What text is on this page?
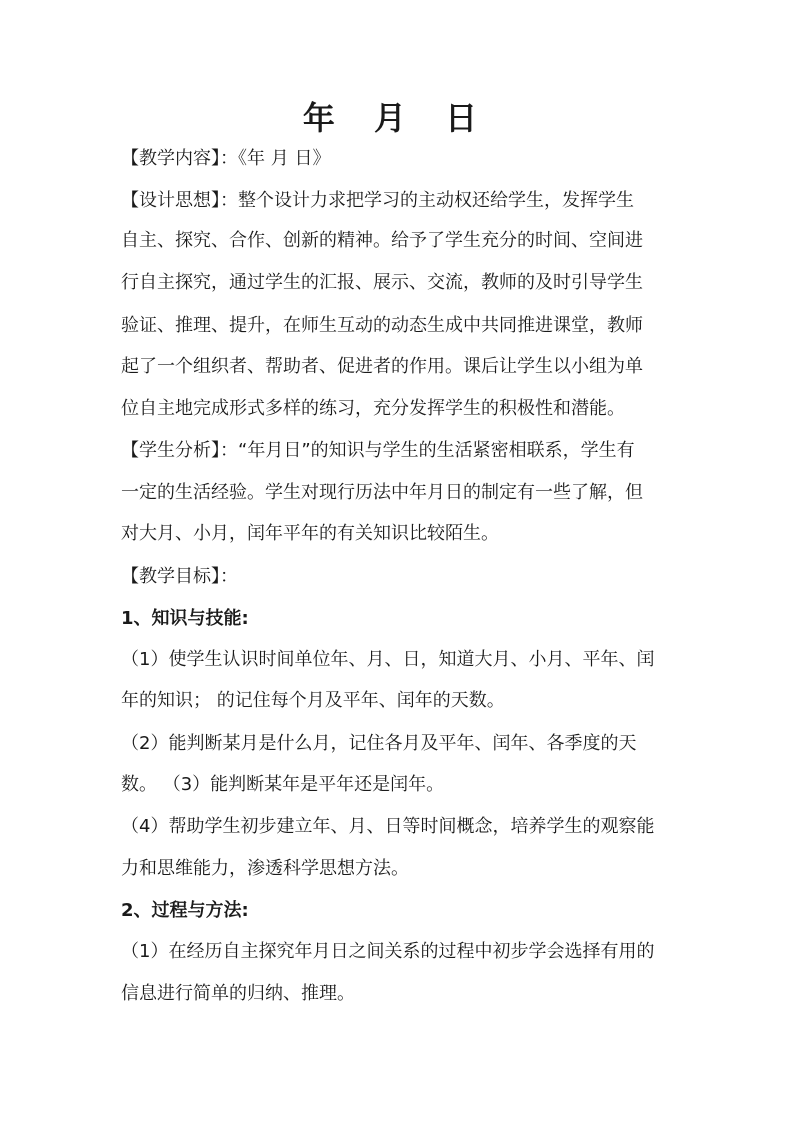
年 月 日

【教学内容】：《年 月 日》

【设计思想】：整个设计力求把学习的主动权还给学生，发挥学生

自主、探究、合作、创新的精神。给予了学生充分的时间、空间进

行自主探究，通过学生的汇报、展示、交流，教师的及时引导学生

验证、推理、提升，在师生互动的动态生成中共同推进课堂，教师

起了一个组织者、帮助者、促进者的作用。课后让学生以小组为单

位自主地完成形式多样的练习，充分发挥学生的积极性和潜能。

【学生分析】：“年月日”的知识与学生的生活紧密相联系，学生有

一定的生活经验。学生对现行历法中年月日的制定有一些了解，但

对大月、小月，闰年平年的有关知识比较陌生。

【教学目标】：

1、知识与技能:

（1）使学生认识时间单位年、月、日，知道大月、小月、平年、闰

年的知识； 的记住每个月及平年、闰年的天数。

（2）能判断某月是什么月，记住各月及平年、闰年、各季度的天

数。 （3）能判断某年是平年还是闰年。

（4）帮助学生初步建立年、月、日等时间概念，培养学生的观察能

力和思维能力，渗透科学思想方法。

2、过程与方法:

（1）在经历自主探究年月日之间关系的过程中初步学会选择有用的

信息进行简单的归纳、推理。
